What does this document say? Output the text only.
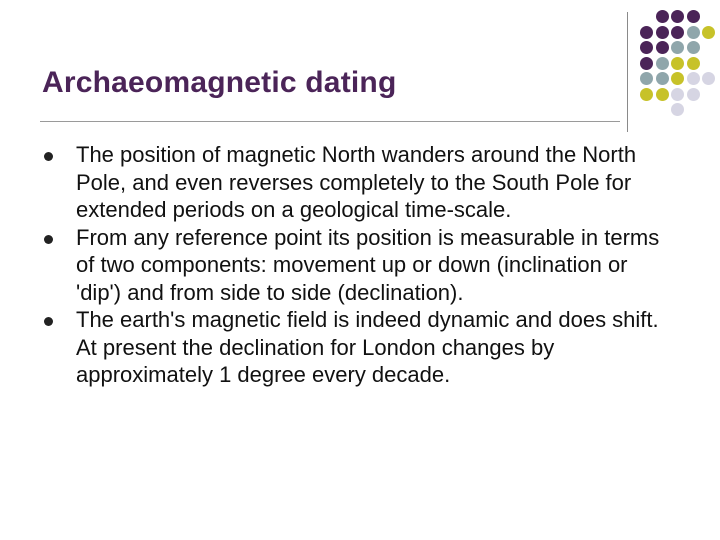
Archaeomagnetic dating
The position of magnetic North wanders around the North Pole, and even reverses completely to the South Pole for extended periods on a geological time-scale.
From any reference point its position is measurable in terms of two components: movement up or down (inclination or 'dip') and from side to side (declination).
The earth's magnetic field is indeed dynamic and does shift. At present the declination for London changes by approximately 1 degree every decade.
